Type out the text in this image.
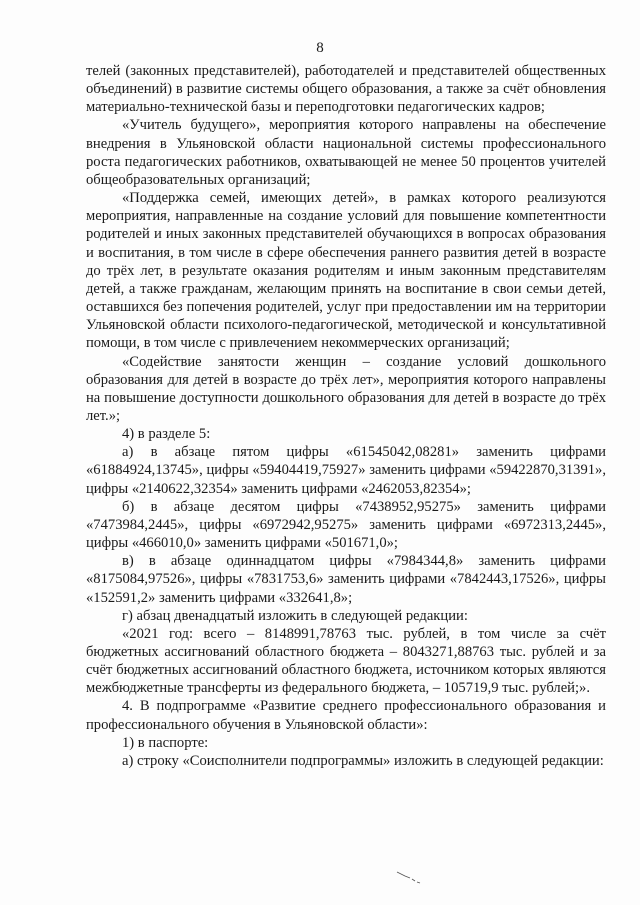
8

телей (законных представителей), работодателей и представителей общественных объединений) в развитие системы общего образования, а также за счёт обновления материально-технической базы и переподготовки педагогических кадров;

«Учитель будущего», мероприятия которого направлены на обеспечение внедрения в Ульяновской области национальной системы профессионального роста педагогических работников, охватывающей не менее 50 процентов учителей общеобразовательных организаций;

«Поддержка семей, имеющих детей», в рамках которого реализуются мероприятия, направленные на создание условий для повышение компетентности родителей и иных законных представителей обучающихся в вопросах образования и воспитания, в том числе в сфере обеспечения раннего развития детей в возрасте до трёх лет, в результате оказания родителям и иным законным представителям детей, а также гражданам, желающим принять на воспитание в свои семьи детей, оставшихся без попечения родителей, услуг при предоставлении им на территории Ульяновской области психолого-педагогической, методической и консультативной помощи, в том числе с привлечением некоммерческих организаций;

«Содействие занятости женщин – создание условий дошкольного образования для детей в возрасте до трёх лет», мероприятия которого направлены на повышение доступности дошкольного образования для детей в возрасте до трёх лет.»;

4) в разделе 5:

а) в абзаце пятом цифры «61545042,08281» заменить цифрами «61884924,13745», цифры «59404419,75927» заменить цифрами «59422870,31391», цифры «2140622,32354» заменить цифрами «2462053,82354»;

б) в абзаце десятом цифры «7438952,95275» заменить цифрами «7473984,2445», цифры «6972942,95275» заменить цифрами «6972313,2445», цифры «466010,0» заменить цифрами «501671,0»;

в) в абзаце одиннадцатом цифры «7984344,8» заменить цифрами «8175084,97526», цифры «7831753,6» заменить цифрами «7842443,17526», цифры «152591,2» заменить цифрами «332641,8»;

г) абзац двенадцатый изложить в следующей редакции:

«2021 год: всего – 8148991,78763 тыс. рублей, в том числе за счёт бюджетных ассигнований областного бюджета – 8043271,88763 тыс. рублей и за счёт бюджетных ассигнований областного бюджета, источником которых являются межбюджетные трансферты из федерального бюджета, – 105719,9 тыс. рублей;».

4. В подпрограмме «Развитие среднего профессионального образования и профессионального обучения в Ульяновской области»:

1) в паспорте:

а) строку «Соисполнители подпрограммы» изложить в следующей редакции:
